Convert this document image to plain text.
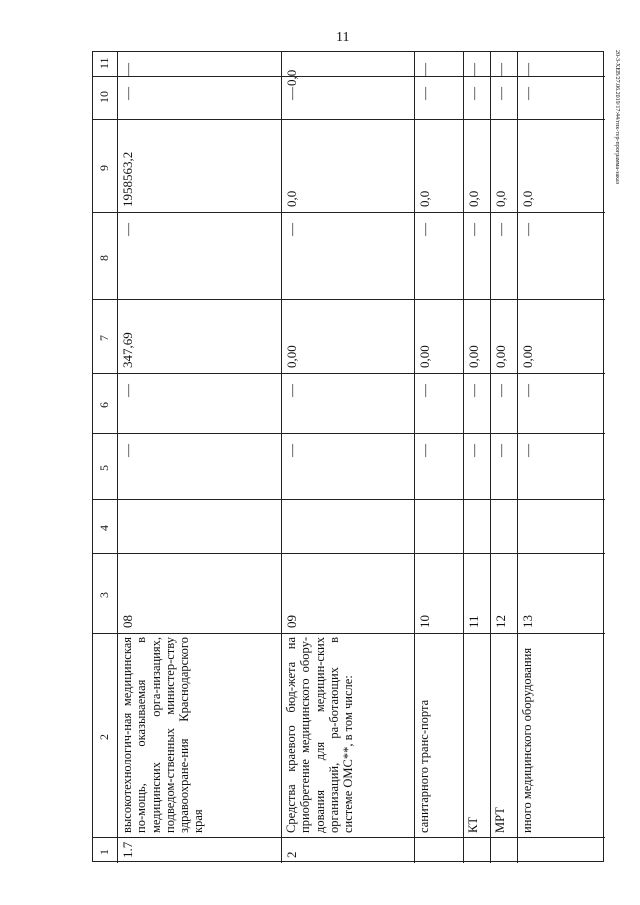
11
20-3-XEB/27.06.2019/17:44/гпк-тер-программа-заказ
1
2
3
4
5
6
7
8
9
10
11
1.7
высокотехнологич-ная медицинская по-мощь, оказываемая в медицинских орга-низациях, подведом-ственных министер-ству здравоохране-ния Краснодарского края
08
—
—
347,69
—
1958563,2
—
—
2
Средства краевого бюд-жета на приобретение медицинского обору-дования для медицин-ских организаций, ра-ботающих в системе ОМС**, в том числе:
09
—
—
0,00
—
0,0
—
0,0
санитарного транс-порта
10
—
—
0,00
—
0,0
—
—
КТ
11
—
—
0,00
—
0,0
—
—
МРТ
12
—
—
0,00
—
0,0
—
—
иного медицинского оборудования
13
—
—
0,00
—
0,0
—
—
